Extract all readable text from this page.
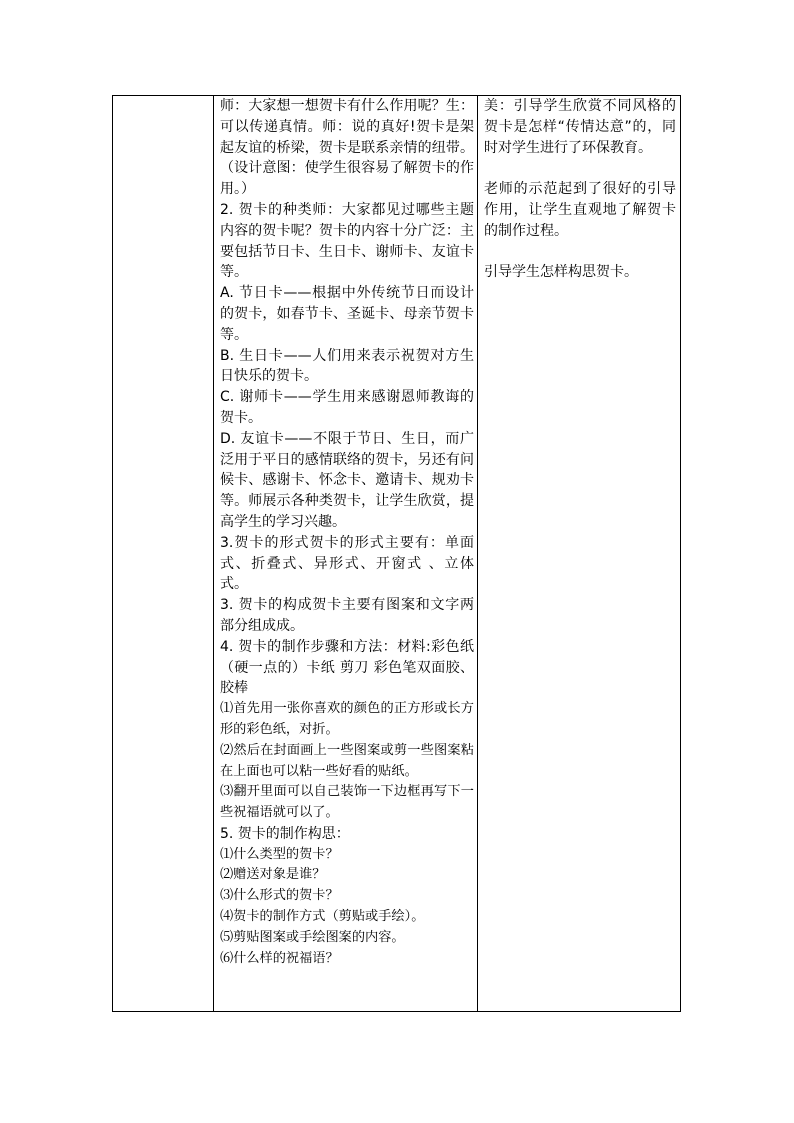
师：大家想一想贺卡有什么作用呢？生：可以传递真情。师：说的真好!贺卡是架起友谊的桥梁，贺卡是联系亲情的纽带。（设计意图：使学生很容易了解贺卡的作用。）

2. 贺卡的种类师：大家都见过哪些主题内容的贺卡呢？贺卡的内容十分广泛：主要包括节日卡、生日卡、谢师卡、友谊卡等。

A. 节日卡——根据中外传统节日而设计的贺卡，如春节卡、圣诞卡、母亲节贺卡等。

B. 生日卡——人们用来表示祝贺对方生日快乐的贺卡。

C. 谢师卡——学生用来感谢恩师教诲的贺卡。

D. 友谊卡——不限于节日、生日，而广泛用于平日的感情联络的贺卡，另还有问候卡、感谢卡、怀念卡、邀请卡、规劝卡等。师展示各种类贺卡，让学生欣赏，提高学生的学习兴趣。

3.贺卡的形式贺卡的形式主要有：单面式、折叠式、异形式、开窗式 、立体式。

3. 贺卡的构成贺卡主要有图案和文字两部分组成成。

4. 贺卡的制作步骤和方法：材料:彩色纸（硬一点的）卡纸 剪刀 彩色笔双面胶、胶棒

⑴首先用一张你喜欢的颜色的正方形或长方形的彩色纸，对折。

⑵然后在封面画上一些图案或剪一些图案粘在上面也可以粘一些好看的贴纸。

⑶翻开里面可以自己装饰一下边框再写下一些祝福语就可以了。

5. 贺卡的制作构思：

⑴什么类型的贺卡？

⑵赠送对象是谁？

⑶什么形式的贺卡？

⑷贺卡的制作方式（剪贴或手绘）。

⑸剪贴图案或手绘图案的内容。

⑹什么样的祝福语？

美：引导学生欣赏不同风格的贺卡是怎样“传情达意”的，同时对学生进行了环保教育。

老师的示范起到了很好的引导作用，让学生直观地了解贺卡的制作过程。

引导学生怎样构思贺卡。
